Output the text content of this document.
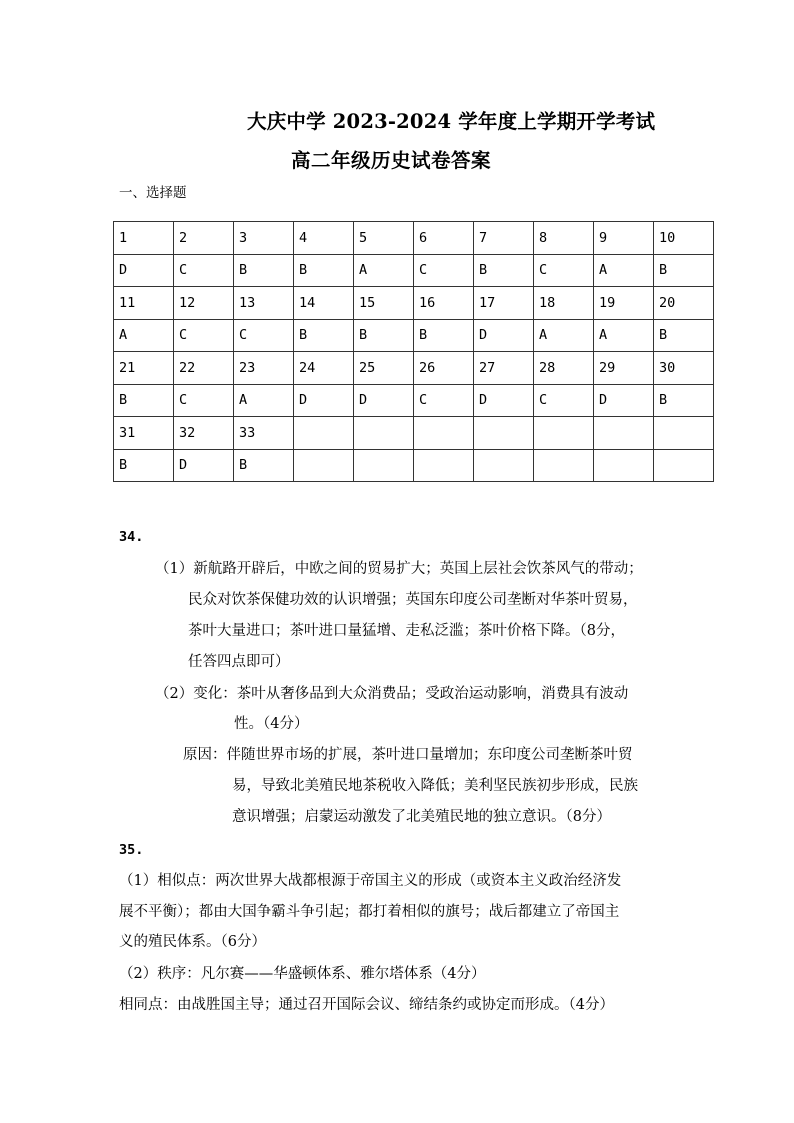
大庆中学 2023-2024 学年度上学期开学考试
高二年级历史试卷答案
一、选择题
1	2	3	4	5	6	7	8	9	10
D	C	B	B	A	C	B	C	A	B
11	12	13	14	15	16	17	18	19	20
A	C	C	B	B	B	D	A	A	B
21	22	23	24	25	26	27	28	29	30
B	C	A	D	D	C	D	C	D	B
31	32	33							
B	D	B							
34.
（1）新航路开辟后，中欧之间的贸易扩大；英国上层社会饮茶风气的带动；
民众对饮茶保健功效的认识增强；英国东印度公司垄断对华茶叶贸易，
茶叶大量进口；茶叶进口量猛增、走私泛滥；茶叶价格下降。（8分，
任答四点即可）
（2）变化：茶叶从奢侈品到大众消费品；受政治运动影响，消费具有波动
性。（4分）
原因：伴随世界市场的扩展，茶叶进口量增加；东印度公司垄断茶叶贸
易，导致北美殖民地茶税收入降低；美利坚民族初步形成，民族
意识增强；启蒙运动激发了北美殖民地的独立意识。（8分）
35.
（1）相似点：两次世界大战都根源于帝国主义的形成（或资本主义政治经济发
展不平衡）；都由大国争霸斗争引起；都打着相似的旗号；战后都建立了帝国主
义的殖民体系。（6分）
（2）秩序：凡尔赛——华盛顿体系、雅尔塔体系（4分）
相同点：由战胜国主导；通过召开国际会议、缔结条约或协定而形成。（4分）
